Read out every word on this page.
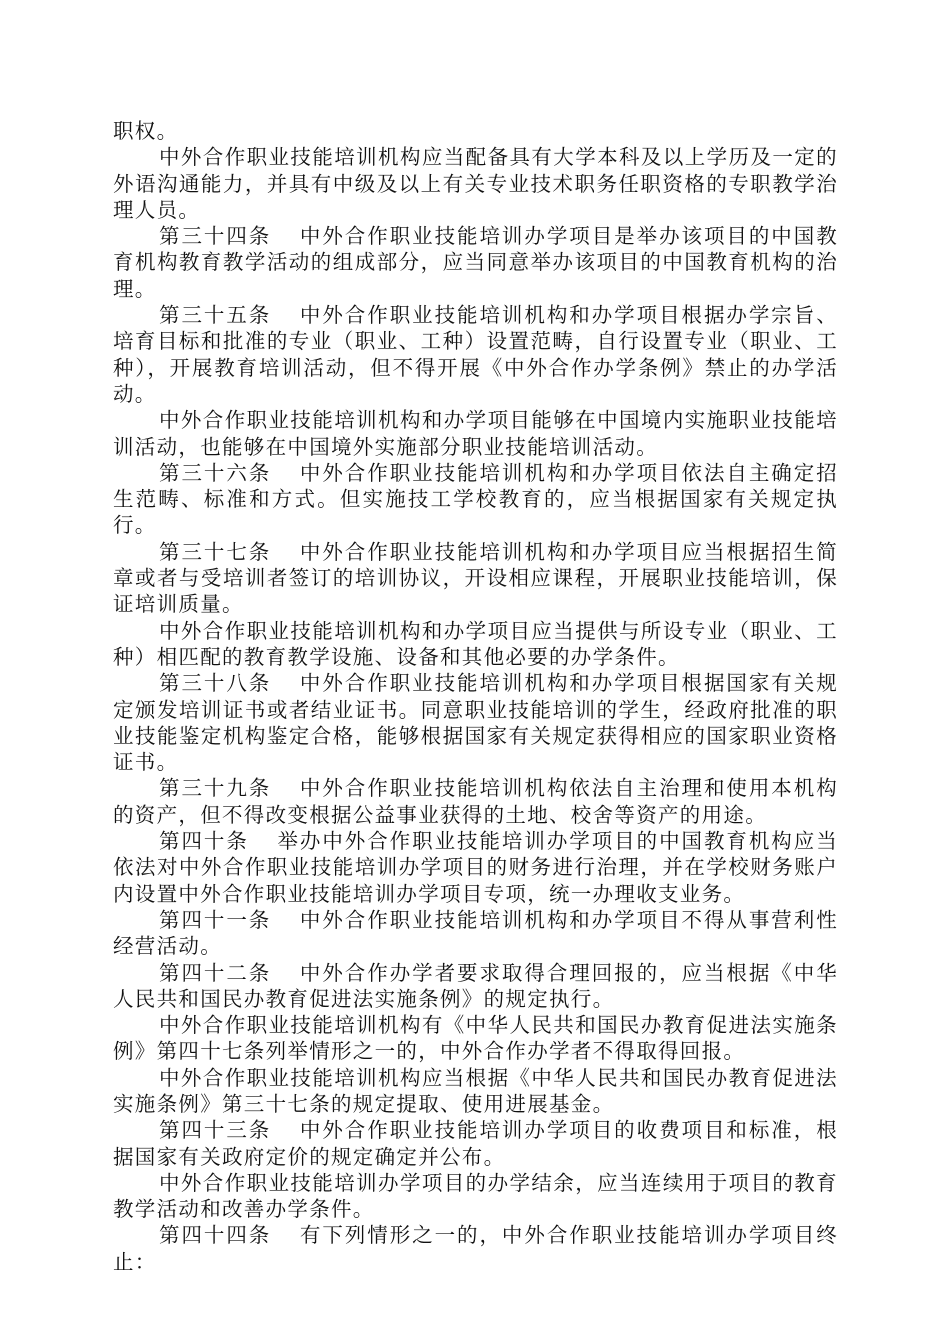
职权。

中外合作职业技能培训机构应当配备具有大学本科及以上学历及一定的外语沟通能力，并具有中级及以上有关专业技术职务任职资格的专职教学治理人员。

第三十四条 中外合作职业技能培训办学项目是举办该项目的中国教育机构教育教学活动的组成部分，应当同意举办该项目的中国教育机构的治理。

第三十五条 中外合作职业技能培训机构和办学项目根据办学宗旨、培育目标和批准的专业（职业、工种）设置范畴，自行设置专业（职业、工种），开展教育培训活动，但不得开展《中外合作办学条例》禁止的办学活动。

中外合作职业技能培训机构和办学项目能够在中国境内实施职业技能培训活动，也能够在中国境外实施部分职业技能培训活动。

第三十六条 中外合作职业技能培训机构和办学项目依法自主确定招生范畴、标准和方式。但实施技工学校教育的，应当根据国家有关规定执行。

第三十七条 中外合作职业技能培训机构和办学项目应当根据招生简章或者与受培训者签订的培训协议，开设相应课程，开展职业技能培训，保证培训质量。

中外合作职业技能培训机构和办学项目应当提供与所设专业（职业、工种）相匹配的教育教学设施、设备和其他必要的办学条件。

第三十八条 中外合作职业技能培训机构和办学项目根据国家有关规定颁发培训证书或者结业证书。同意职业技能培训的学生，经政府批准的职业技能鉴定机构鉴定合格，能够根据国家有关规定获得相应的国家职业资格证书。

第三十九条 中外合作职业技能培训机构依法自主治理和使用本机构的资产，但不得改变根据公益事业获得的土地、校舍等资产的用途。

第四十条 举办中外合作职业技能培训办学项目的中国教育机构应当依法对中外合作职业技能培训办学项目的财务进行治理，并在学校财务账户内设置中外合作职业技能培训办学项目专项，统一办理收支业务。

第四十一条 中外合作职业技能培训机构和办学项目不得从事营利性经营活动。

第四十二条 中外合作办学者要求取得合理回报的，应当根据《中华人民共和国民办教育促进法实施条例》的规定执行。

中外合作职业技能培训机构有《中华人民共和国民办教育促进法实施条例》第四十七条列举情形之一的，中外合作办学者不得取得回报。

中外合作职业技能培训机构应当根据《中华人民共和国民办教育促进法实施条例》第三十七条的规定提取、使用进展基金。

第四十三条 中外合作职业技能培训办学项目的收费项目和标准，根据国家有关政府定价的规定确定并公布。

中外合作职业技能培训办学项目的办学结余，应当连续用于项目的教育教学活动和改善办学条件。

第四十四条 有下列情形之一的，中外合作职业技能培训办学项目终止：
